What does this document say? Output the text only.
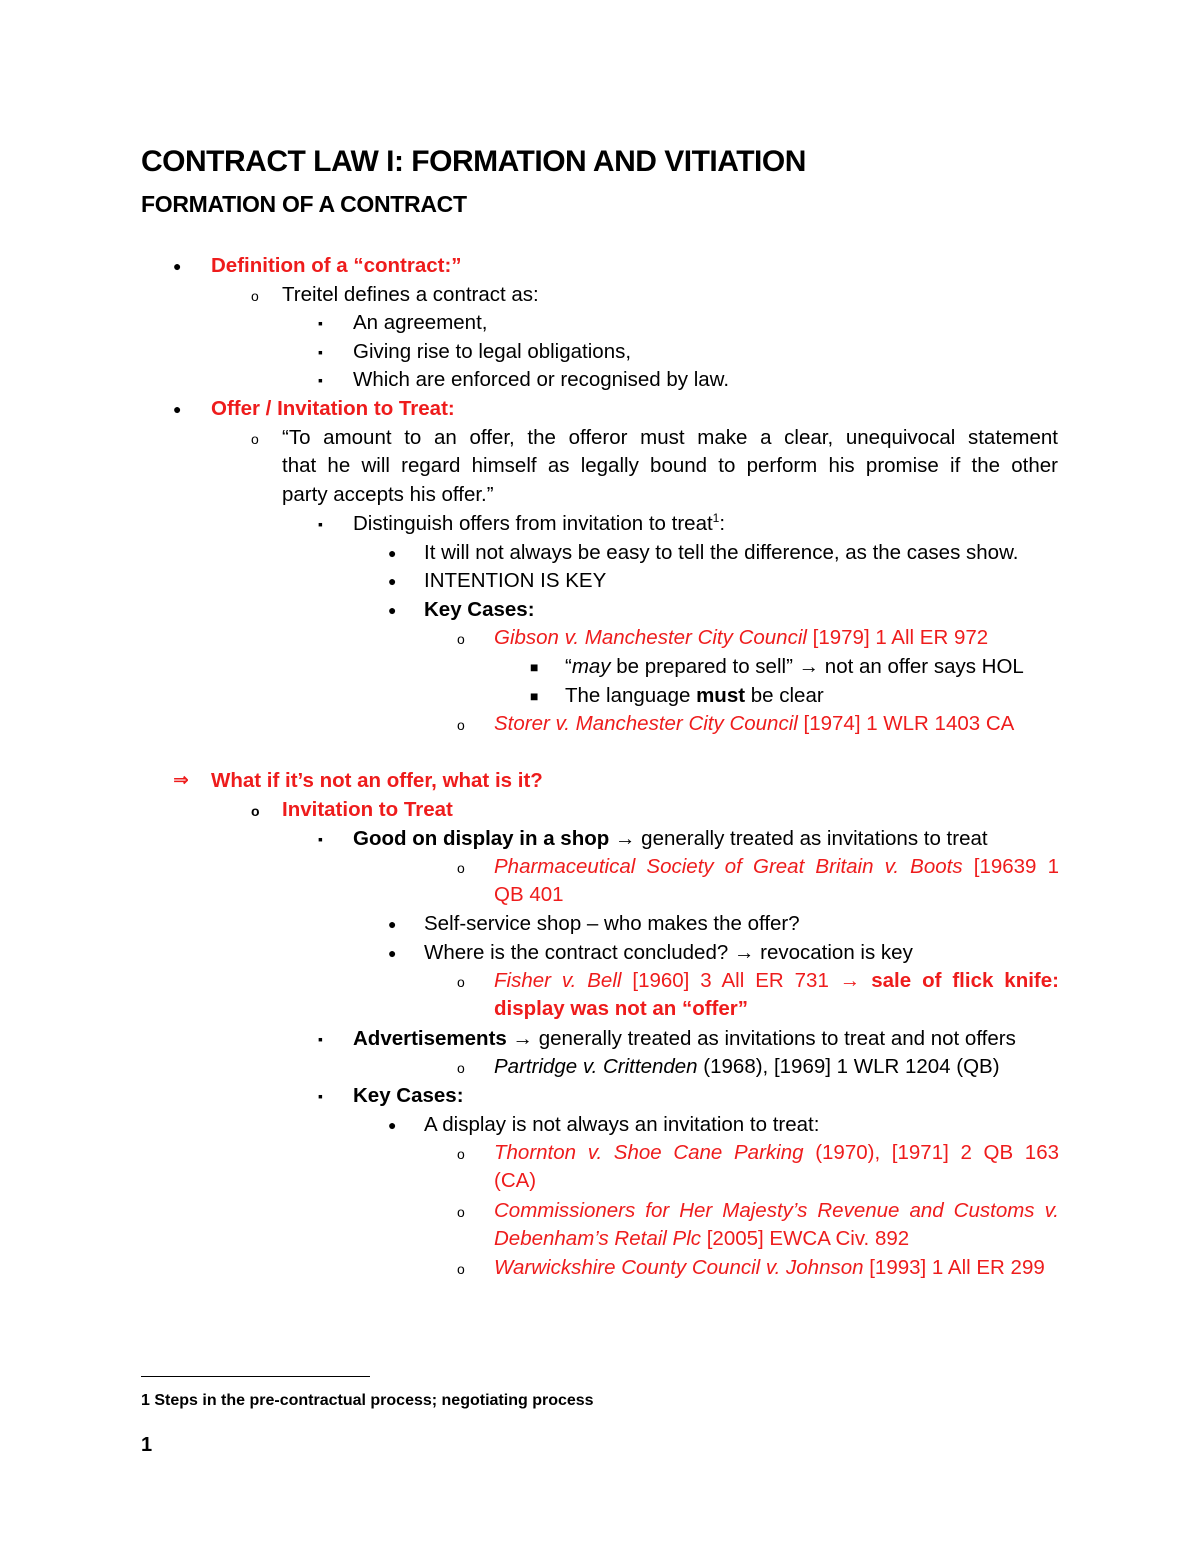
CONTRACT LAW I: FORMATION AND VITIATION
FORMATION OF A CONTRACT
● Definition of a “contract:”
o Treitel defines a contract as:
▪ An agreement,
▪ Giving rise to legal obligations,
▪ Which are enforced or recognised by law.
● Offer / Invitation to Treat:
o “To amount to an offer, the offeror must make a clear, unequivocal statement
that he will regard himself as legally bound to perform his promise if the other
party accepts his offer.”
▪ Distinguish offers from invitation to treat$^1$:
● It will not always be easy to tell the difference, as the cases show.
● INTENTION IS KEY
● Key Cases:
o Gibson v. Manchester City Council [1979] 1 All ER 972
■ “may be prepared to sell” → not an offer says HOL
■ The language must be clear
o Storer v. Manchester City Council [1974] 1 WLR 1403 CA
⇒ What if it’s not an offer, what is it?
o Invitation to Treat
▪ Good on display in a shop → generally treated as invitations to treat
o Pharmaceutical Society of Great Britain v. Boots [19639 1
QB 401
● Self-service shop – who makes the offer?
● Where is the contract concluded? → revocation is key
o Fisher v. Bell [1960] 3 All ER 731 → sale of flick knife:
display was not an “offer”
▪ Advertisements → generally treated as invitations to treat and not offers
o Partridge v. Crittenden (1968), [1969] 1 WLR 1204 (QB)
▪ Key Cases:
● A display is not always an invitation to treat:
o Thornton v. Shoe Cane Parking (1970), [1971] 2 QB 163
(CA)
o Commissioners for Her Majesty’s Revenue and Customs v.
Debenham’s Retail Plc [2005] EWCA Civ. 892
o Warwickshire County Council v. Johnson [1993] 1 All ER 299
1 Steps in the pre-contractual process; negotiating process
1
